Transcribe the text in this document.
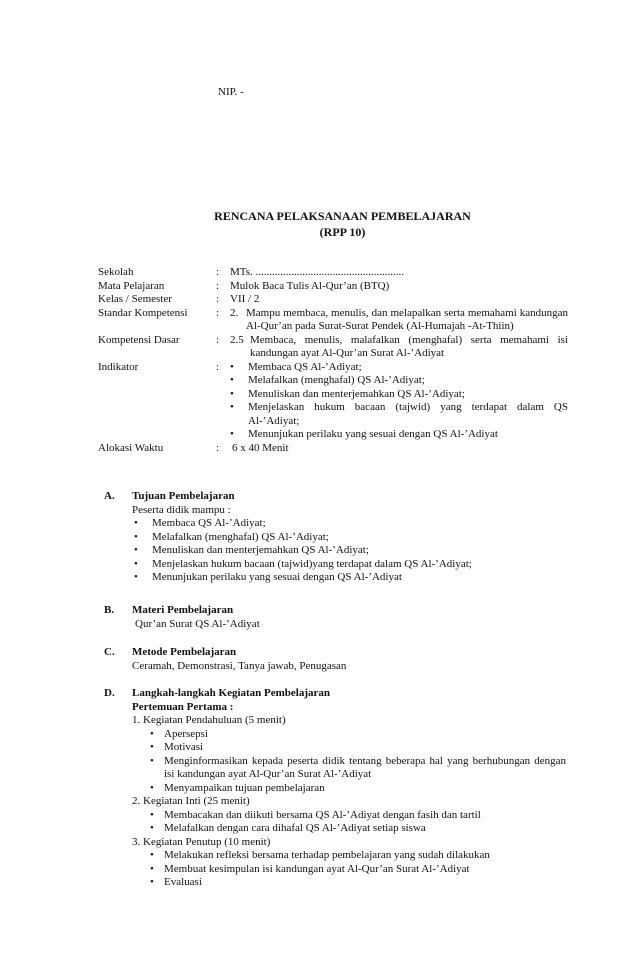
NIP. -
RENCANA PELAKSANAAN PEMBELAJARAN
(RPP 10)
Sekolah	: MTs. ......................................................
Mata Pelajaran	: Mulok Baca Tulis Al-Qur’an (BTQ)
Kelas / Semester	: VII / 2
Standar Kompetensi	: 2. Mampu membaca, menulis, dan melapalkan serta memahami kandungan Al-Qur’an pada Surat-Surat Pendek (Al-Humajah -At-Thiin)
Kompetensi Dasar	: 2.5 Membaca, menulis, malafalkan (menghafal) serta memahami isi kandungan ayat Al-Qur’an Surat Al-’Adiyat
Indikator	: •	Membaca QS Al-’Adiyat;
•	Melafalkan (menghafal) QS Al-’Adiyat;
•	Menuliskan dan menterjemahkan QS Al-’Adiyat;
•	Menjelaskan hukum bacaan (tajwid) yang terdapat dalam QS Al-’Adiyat;
•	Menunjukan perilaku yang sesuai dengan QS Al-’Adiyat
Alokasi Waktu	:	6 x 40 Menit
A.	Tujuan Pembelajaran
Peserta didik mampu :
•	Membaca QS Al-’Adiyat;
•	Melafalkan (menghafal) QS Al-’Adiyat;
•	Menuliskan dan menterjemahkan QS Al-’Adiyat;
•	Menjelaskan hukum bacaan (tajwid)yang terdapat dalam QS Al-’Adiyat;
•	Menunjukan perilaku yang sesuai dengan QS Al-’Adiyat
B.	Materi Pembelajaran
Qur’an Surat QS Al-’Adiyat
C.	Metode Pembelajaran
Ceramah, Demonstrasi, Tanya jawab, Penugasan
D.	Langkah-langkah Kegiatan Pembelajaran
Pertemuan Pertama :
1. Kegiatan Pendahuluan (5 menit)
• Apersepsi
• Motivasi
• Menginformasikan kepada peserta didik tentang beberapa hal yang berhubungan dengan isi kandungan ayat Al-Qur’an Surat Al-’Adiyat
• Menyampaikan tujuan pembelajaran
2. Kegiatan Inti (25 menit)
• Membacakan dan diikuti bersama QS Al-’Adiyat dengan fasih dan tartil
• Melafalkan dengan cara dihafal QS Al-’Adiyat setiap siswa
3. Kegiatan Penutup (10 menit)
• Melakukan refleksi bersama terhadap pembelajaran yang sudah dilakukan
• Membuat kesimpulan isi kandungan ayat Al-Qur’an Surat Al-’Adiyat
• Evaluasi
